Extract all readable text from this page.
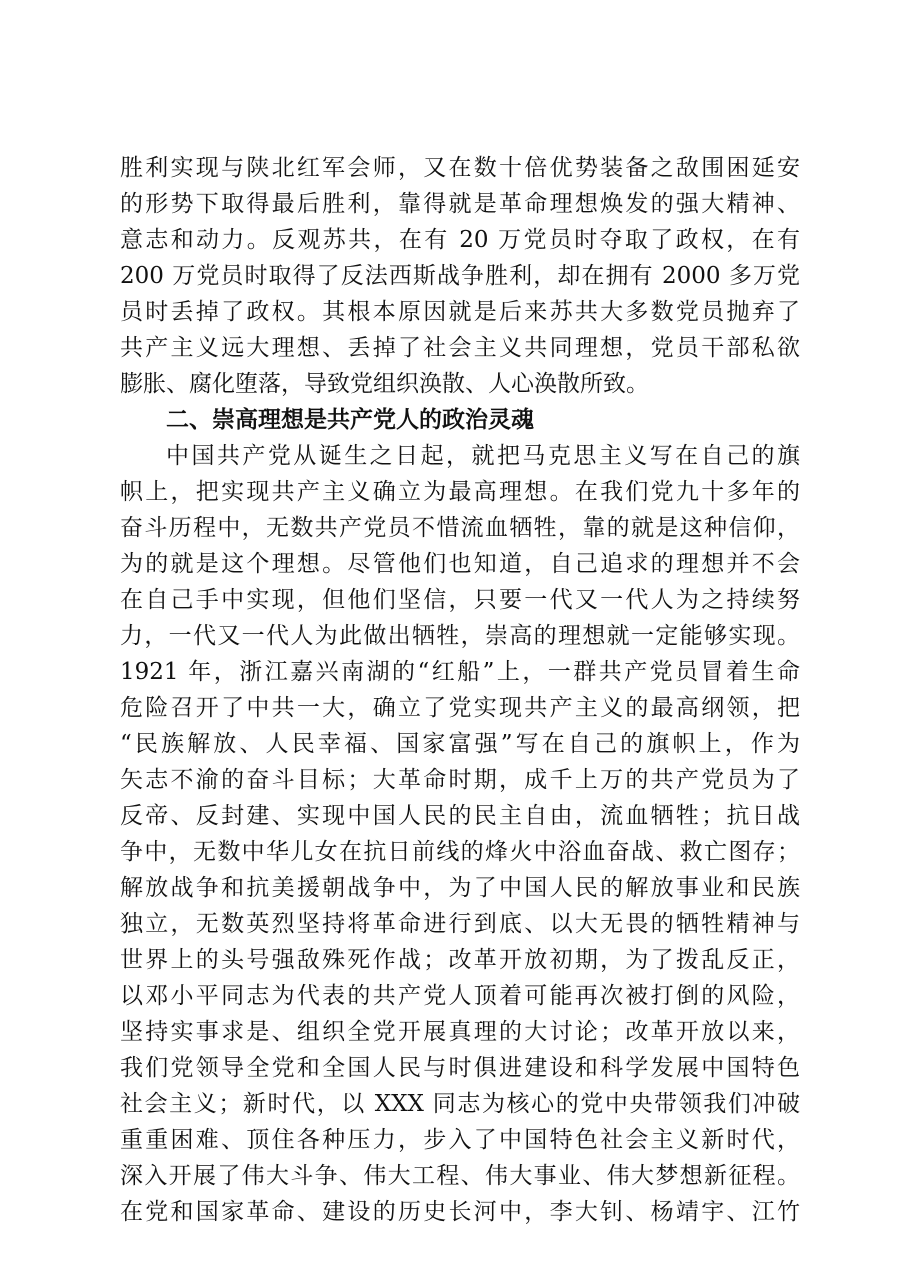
胜利实现与陕北红军会师，又在数十倍优势装备之敌围困延安
的形势下取得最后胜利，靠得就是革命理想焕发的强大精神、
意志和动力。反观苏共，在有 20 万党员时夺取了政权，在有
200 万党员时取得了反法西斯战争胜利，却在拥有 2000 多万党
员时丢掉了政权。其根本原因就是后来苏共大多数党员抛弃了
共产主义远大理想、丢掉了社会主义共同理想，党员干部私欲
膨胀、腐化堕落，导致党组织涣散、人心涣散所致。
二、崇高理想是共产党人的政治灵魂
中国共产党从诞生之日起，就把马克思主义写在自己的旗
帜上，把实现共产主义确立为最高理想。在我们党九十多年的
奋斗历程中，无数共产党员不惜流血牺牲，靠的就是这种信仰，
为的就是这个理想。尽管他们也知道，自己追求的理想并不会
在自己手中实现，但他们坚信，只要一代又一代人为之持续努
力，一代又一代人为此做出牺牲，崇高的理想就一定能够实现。
1921 年，浙江嘉兴南湖的“红船”上，一群共产党员冒着生命
危险召开了中共一大，确立了党实现共产主义的最高纲领，把
“民族解放、人民幸福、国家富强”写在自己的旗帜上，作为
矢志不渝的奋斗目标；大革命时期，成千上万的共产党员为了
反帝、反封建、实现中国人民的民主自由，流血牺牲；抗日战
争中，无数中华儿女在抗日前线的烽火中浴血奋战、救亡图存；
解放战争和抗美援朝战争中，为了中国人民的解放事业和民族
独立，无数英烈坚持将革命进行到底、以大无畏的牺牲精神与
世界上的头号强敌殊死作战；改革开放初期，为了拨乱反正，
以邓小平同志为代表的共产党人顶着可能再次被打倒的风险，
坚持实事求是、组织全党开展真理的大讨论；改革开放以来，
我们党领导全党和全国人民与时俱进建设和科学发展中国特色
社会主义；新时代，以 XXX 同志为核心的党中央带领我们冲破
重重困难、顶住各种压力，步入了中国特色社会主义新时代，
深入开展了伟大斗争、伟大工程、伟大事业、伟大梦想新征程。
在党和国家革命、建设的历史长河中，李大钊、杨靖宇、江竹
